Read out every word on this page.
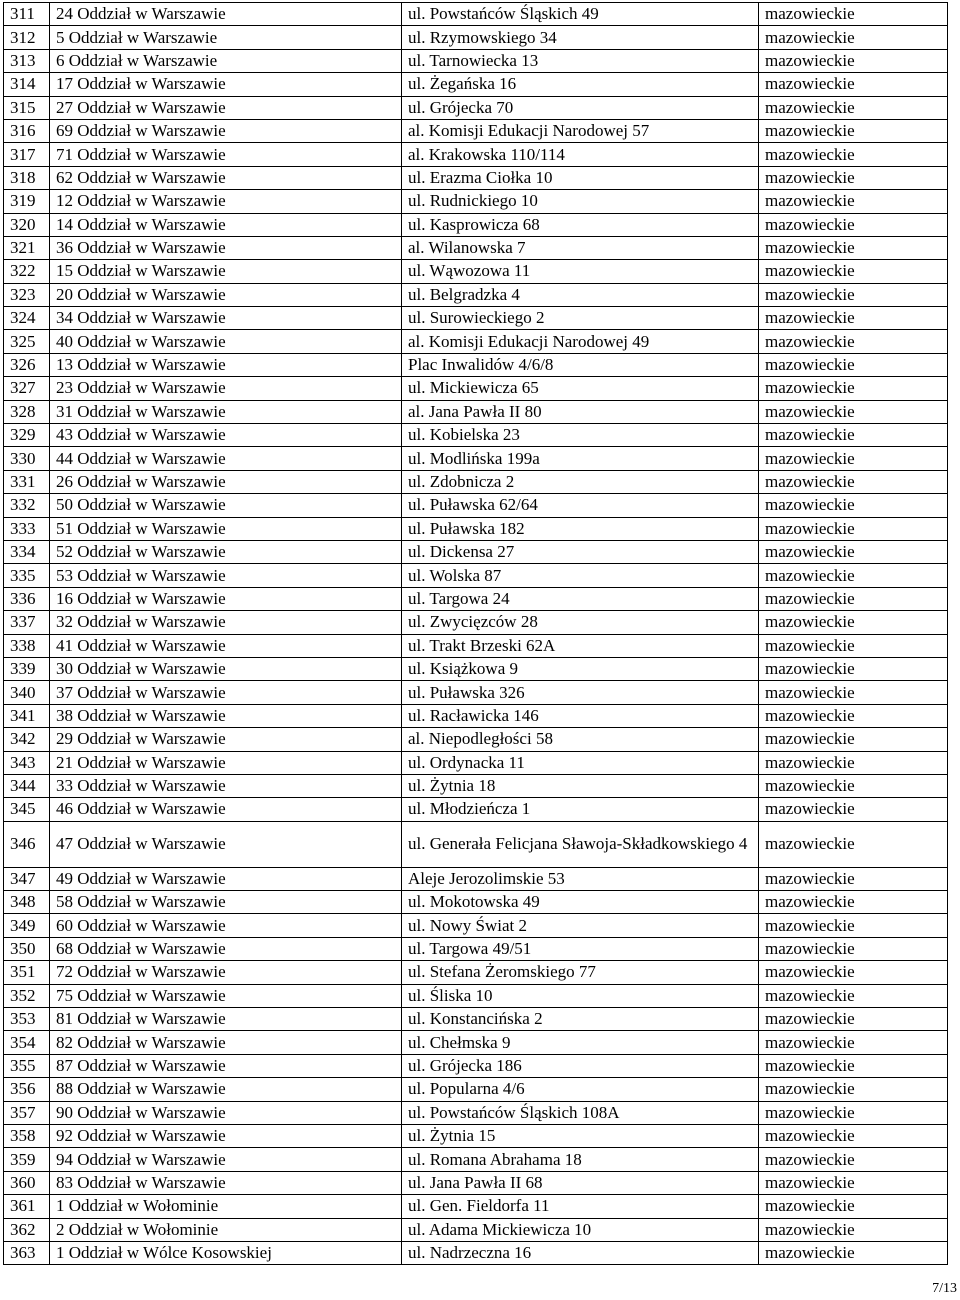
311	24 Oddział w Warszawie	ul. Powstańców Śląskich 49	mazowieckie
312	5 Oddział w Warszawie	ul. Rzymowskiego 34	mazowieckie
313	6 Oddział w Warszawie	ul. Tarnowiecka 13	mazowieckie
314	17 Oddział w Warszawie	ul. Żegańska 16	mazowieckie
315	27 Oddział w Warszawie	ul. Grójecka 70	mazowieckie
316	69 Oddział w Warszawie	al. Komisji Edukacji Narodowej 57	mazowieckie
317	71 Oddział w Warszawie	al. Krakowska 110/114	mazowieckie
318	62 Oddział w Warszawie	ul. Erazma Ciołka 10	mazowieckie
319	12 Oddział w Warszawie	ul. Rudnickiego 10	mazowieckie
320	14 Oddział w Warszawie	ul. Kasprowicza 68	mazowieckie
321	36 Oddział w Warszawie	al. Wilanowska 7	mazowieckie
322	15 Oddział w Warszawie	ul. Wąwozowa 11	mazowieckie
323	20 Oddział w Warszawie	ul. Belgradzka 4	mazowieckie
324	34 Oddział w Warszawie	ul. Surowieckiego 2	mazowieckie
325	40 Oddział w Warszawie	al. Komisji Edukacji Narodowej 49	mazowieckie
326	13 Oddział w Warszawie	Plac Inwalidów 4/6/8	mazowieckie
327	23 Oddział w Warszawie	ul. Mickiewicza 65	mazowieckie
328	31 Oddział w Warszawie	al. Jana Pawła II 80	mazowieckie
329	43 Oddział w Warszawie	ul. Kobielska 23	mazowieckie
330	44 Oddział w Warszawie	ul. Modlińska 199a	mazowieckie
331	26 Oddział w Warszawie	ul. Zdobnicza 2	mazowieckie
332	50 Oddział w Warszawie	ul. Puławska 62/64	mazowieckie
333	51 Oddział w Warszawie	ul. Puławska 182	mazowieckie
334	52 Oddział w Warszawie	ul. Dickensa 27	mazowieckie
335	53 Oddział w Warszawie	ul. Wolska 87	mazowieckie
336	16 Oddział w Warszawie	ul. Targowa 24	mazowieckie
337	32 Oddział w Warszawie	ul. Zwycięzców 28	mazowieckie
338	41 Oddział w Warszawie	ul. Trakt Brzeski 62A	mazowieckie
339	30 Oddział w Warszawie	ul. Książkowa 9	mazowieckie
340	37 Oddział w Warszawie	ul. Puławska 326	mazowieckie
341	38 Oddział w Warszawie	ul. Racławicka 146	mazowieckie
342	29 Oddział w Warszawie	al. Niepodległości 58	mazowieckie
343	21 Oddział w Warszawie	ul. Ordynacka 11	mazowieckie
344	33 Oddział w Warszawie	ul. Żytnia 18	mazowieckie
345	46 Oddział w Warszawie	ul. Młodzieńcza 1	mazowieckie
346	47 Oddział w Warszawie	ul. Generała Felicjana Sławoja-Składkowskiego 4	mazowieckie
347	49 Oddział w Warszawie	Aleje Jerozolimskie 53	mazowieckie
348	58 Oddział w Warszawie	ul. Mokotowska 49	mazowieckie
349	60 Oddział w Warszawie	ul. Nowy Świat 2	mazowieckie
350	68 Oddział w Warszawie	ul. Targowa 49/51	mazowieckie
351	72 Oddział w Warszawie	ul. Stefana Żeromskiego 77	mazowieckie
352	75 Oddział w Warszawie	ul. Śliska 10	mazowieckie
353	81 Oddział w Warszawie	ul. Konstancińska 2	mazowieckie
354	82 Oddział w Warszawie	ul. Chełmska 9	mazowieckie
355	87 Oddział w Warszawie	ul. Grójecka 186	mazowieckie
356	88 Oddział w Warszawie	ul. Popularna 4/6	mazowieckie
357	90 Oddział w Warszawie	ul. Powstańców Śląskich 108A	mazowieckie
358	92 Oddział w Warszawie	ul. Żytnia 15	mazowieckie
359	94 Oddział w Warszawie	ul. Romana Abrahama 18	mazowieckie
360	83 Oddział w Warszawie	ul. Jana Pawła II 68	mazowieckie
361	1 Oddział w Wołominie	ul. Gen. Fieldorfa 11	mazowieckie
362	2 Oddział w Wołominie	ul. Adama Mickiewicza 10	mazowieckie
363	1 Oddział w Wólce Kosowskiej	ul. Nadrzeczna 16	mazowieckie
7/13
